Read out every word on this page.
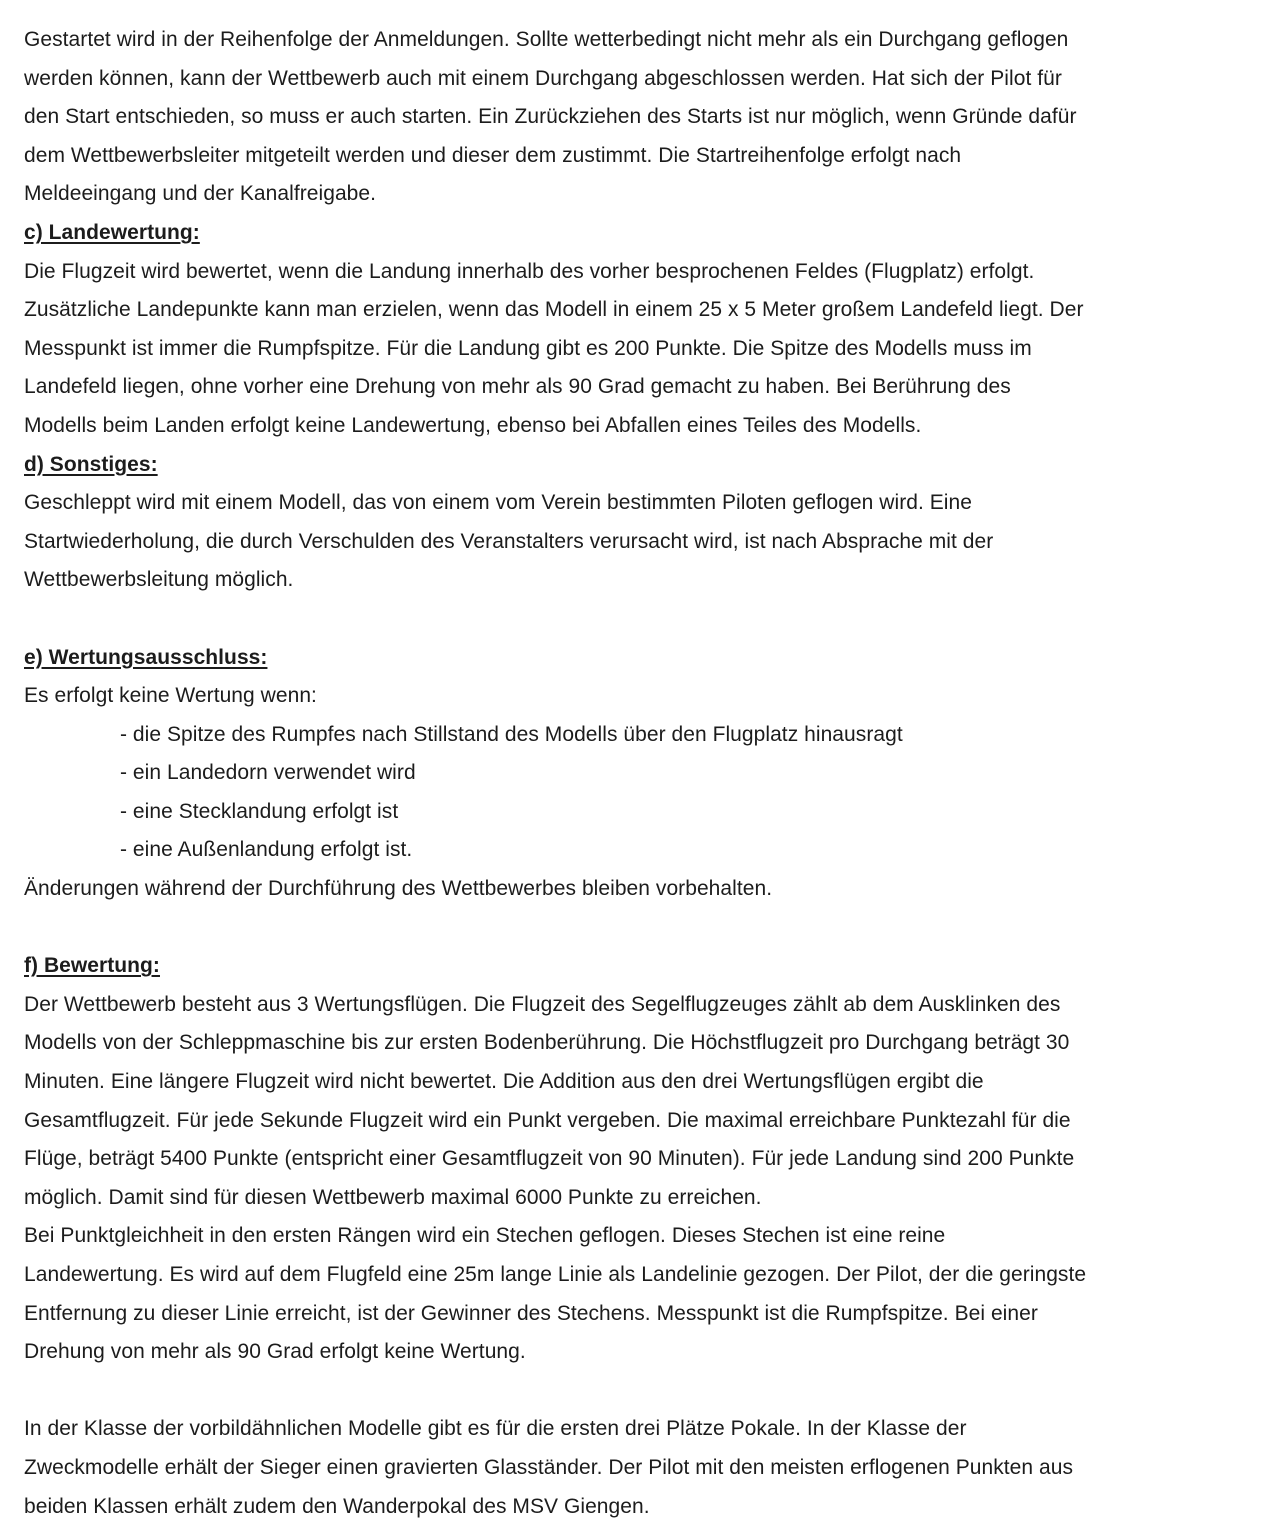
Gestartet wird in der Reihenfolge der Anmeldungen. Sollte wetterbedingt nicht mehr als ein Durchgang geflogen

werden können, kann der Wettbewerb auch mit einem Durchgang abgeschlossen werden. Hat sich der Pilot für

den Start entschieden, so muss er auch starten. Ein Zurückziehen des Starts ist nur möglich, wenn Gründe dafür

dem Wettbewerbsleiter mitgeteilt werden und dieser dem zustimmt. Die Startreihenfolge erfolgt nach

Meldeeingang und der Kanalfreigabe.

c) Landewertung:

Die Flugzeit wird bewertet, wenn die Landung innerhalb des vorher besprochenen Feldes (Flugplatz) erfolgt.

Zusätzliche Landepunkte kann man erzielen, wenn das Modell in einem 25 x 5 Meter großem Landefeld liegt. Der

Messpunkt ist immer die Rumpfspitze. Für die Landung gibt es 200 Punkte. Die Spitze des Modells muss im

Landefeld liegen, ohne vorher eine Drehung von mehr als 90 Grad gemacht zu haben. Bei Berührung des

Modells beim Landen erfolgt keine Landewertung, ebenso bei Abfallen eines Teiles des Modells.

d) Sonstiges:

Geschleppt wird mit einem Modell, das von einem vom Verein bestimmten Piloten geflogen wird. Eine

Startwiederholung, die durch Verschulden des Veranstalters verursacht wird, ist nach Absprache mit der

Wettbewerbsleitung möglich.

e) Wertungsausschluss:

Es erfolgt keine Wertung wenn:

- die Spitze des Rumpfes nach Stillstand des Modells über den Flugplatz hinausragt
- ein Landedorn verwendet wird
- eine Stecklandung erfolgt ist
- eine Außenlandung erfolgt ist.

Änderungen während der Durchführung des Wettbewerbes bleiben vorbehalten.

f) Bewertung:

Der Wettbewerb besteht aus 3 Wertungsflügen. Die Flugzeit des Segelflugzeuges zählt ab dem Ausklinken des

Modells von der Schleppmaschine bis zur ersten Bodenberührung. Die Höchstflugzeit pro Durchgang beträgt 30

Minuten. Eine längere Flugzeit wird nicht bewertet. Die Addition aus den drei Wertungsflügen ergibt die

Gesamtflugzeit. Für jede Sekunde Flugzeit wird ein Punkt vergeben. Die maximal erreichbare Punktezahl für die

Flüge, beträgt 5400 Punkte (entspricht einer Gesamtflugzeit von 90 Minuten). Für jede Landung sind 200 Punkte

möglich. Damit sind für diesen Wettbewerb maximal 6000 Punkte zu erreichen.

Bei Punktgleichheit in den ersten Rängen wird ein Stechen geflogen. Dieses Stechen ist eine reine

Landewertung. Es wird auf dem Flugfeld eine 25m lange Linie als Landelinie gezogen. Der Pilot, der die geringste

Entfernung zu dieser Linie erreicht, ist der Gewinner des Stechens. Messpunkt ist die Rumpfspitze. Bei einer

Drehung von mehr als 90 Grad erfolgt keine Wertung.

In der Klasse der vorbildähnlichen Modelle gibt es für die ersten drei Plätze Pokale. In der Klasse der

Zweckmodelle erhält der Sieger einen gravierten Glasständer. Der Pilot mit den meisten erflogenen Punkten aus

beiden Klassen erhält zudem den Wanderpokal des MSV Giengen.
